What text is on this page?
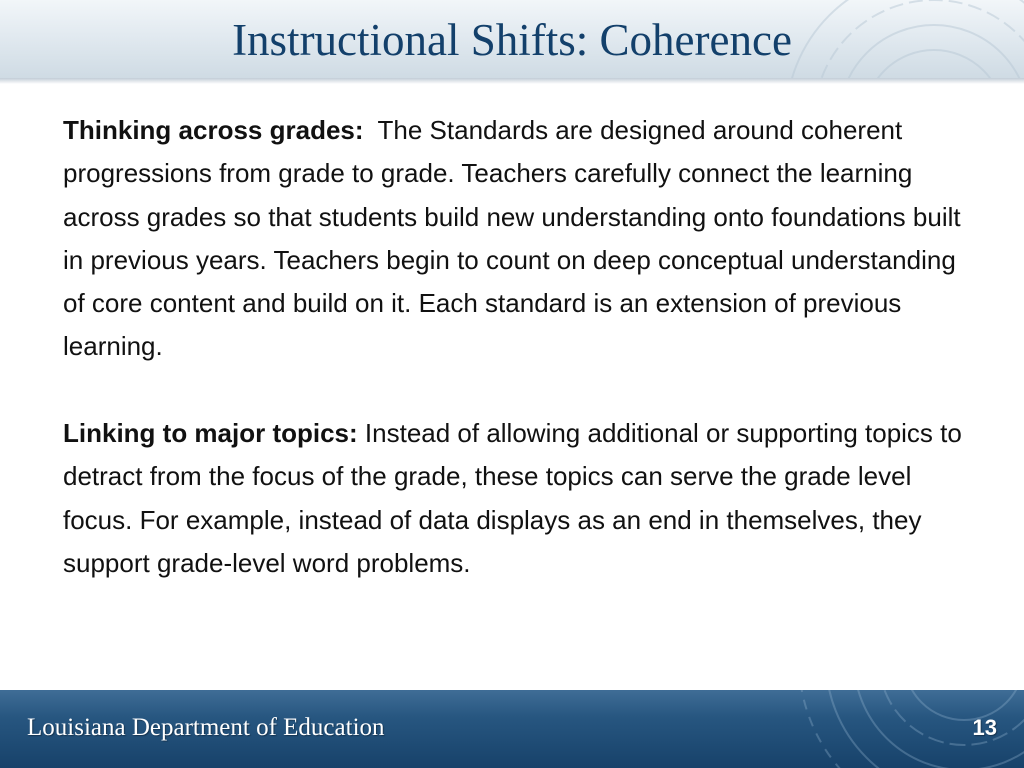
Instructional Shifts: Coherence

Thinking across grades: The Standards are designed around coherent progressions from grade to grade. Teachers carefully connect the learning across grades so that students build new understanding onto foundations built in previous years. Teachers begin to count on deep conceptual understanding of core content and build on it. Each standard is an extension of previous learning.

Linking to major topics: Instead of allowing additional or supporting topics to detract from the focus of the grade, these topics can serve the grade level focus. For example, instead of data displays as an end in themselves, they support grade-level word problems.

Louisiana Department of Education	13
